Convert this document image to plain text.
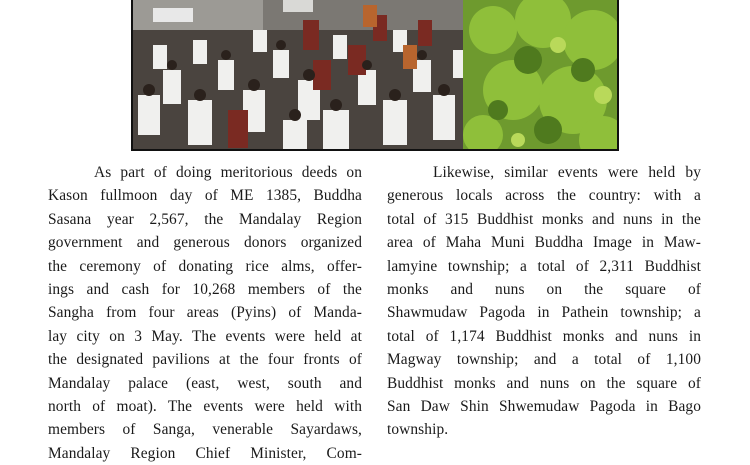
As part of doing meritorious deeds on
Kason fullmoon day of ME 1385, Buddha
Sasana year 2,567, the Mandalay Region
government and generous donors organized
the ceremony of donating rice alms, offer-
ings and cash for 10,268 members of the
Sangha from four areas (Pyins) of Manda-
lay city on 3 May. The events were held at
the designated pavilions at the four fronts of
Mandalay palace (east, west, south and
north of moat). The events were held with
members of Sanga, venerable Sayardaws,
Mandalay Region Chief Minister, Com-
Likewise, similar events were held by
generous locals across the country: with a
total of 315 Buddhist monks and nuns in the
area of Maha Muni Buddha Image in Maw-
lamyine township; a total of 2,311 Buddhist
monks and nuns on the square of
Shawmudaw Pagoda in Pathein township; a
total of 1,174 Buddhist monks and nuns in
Magway township; and a total of 1,100
Buddhist monks and nuns on the square of
San Daw Shin Shwemudaw Pagoda in Bago
township.
